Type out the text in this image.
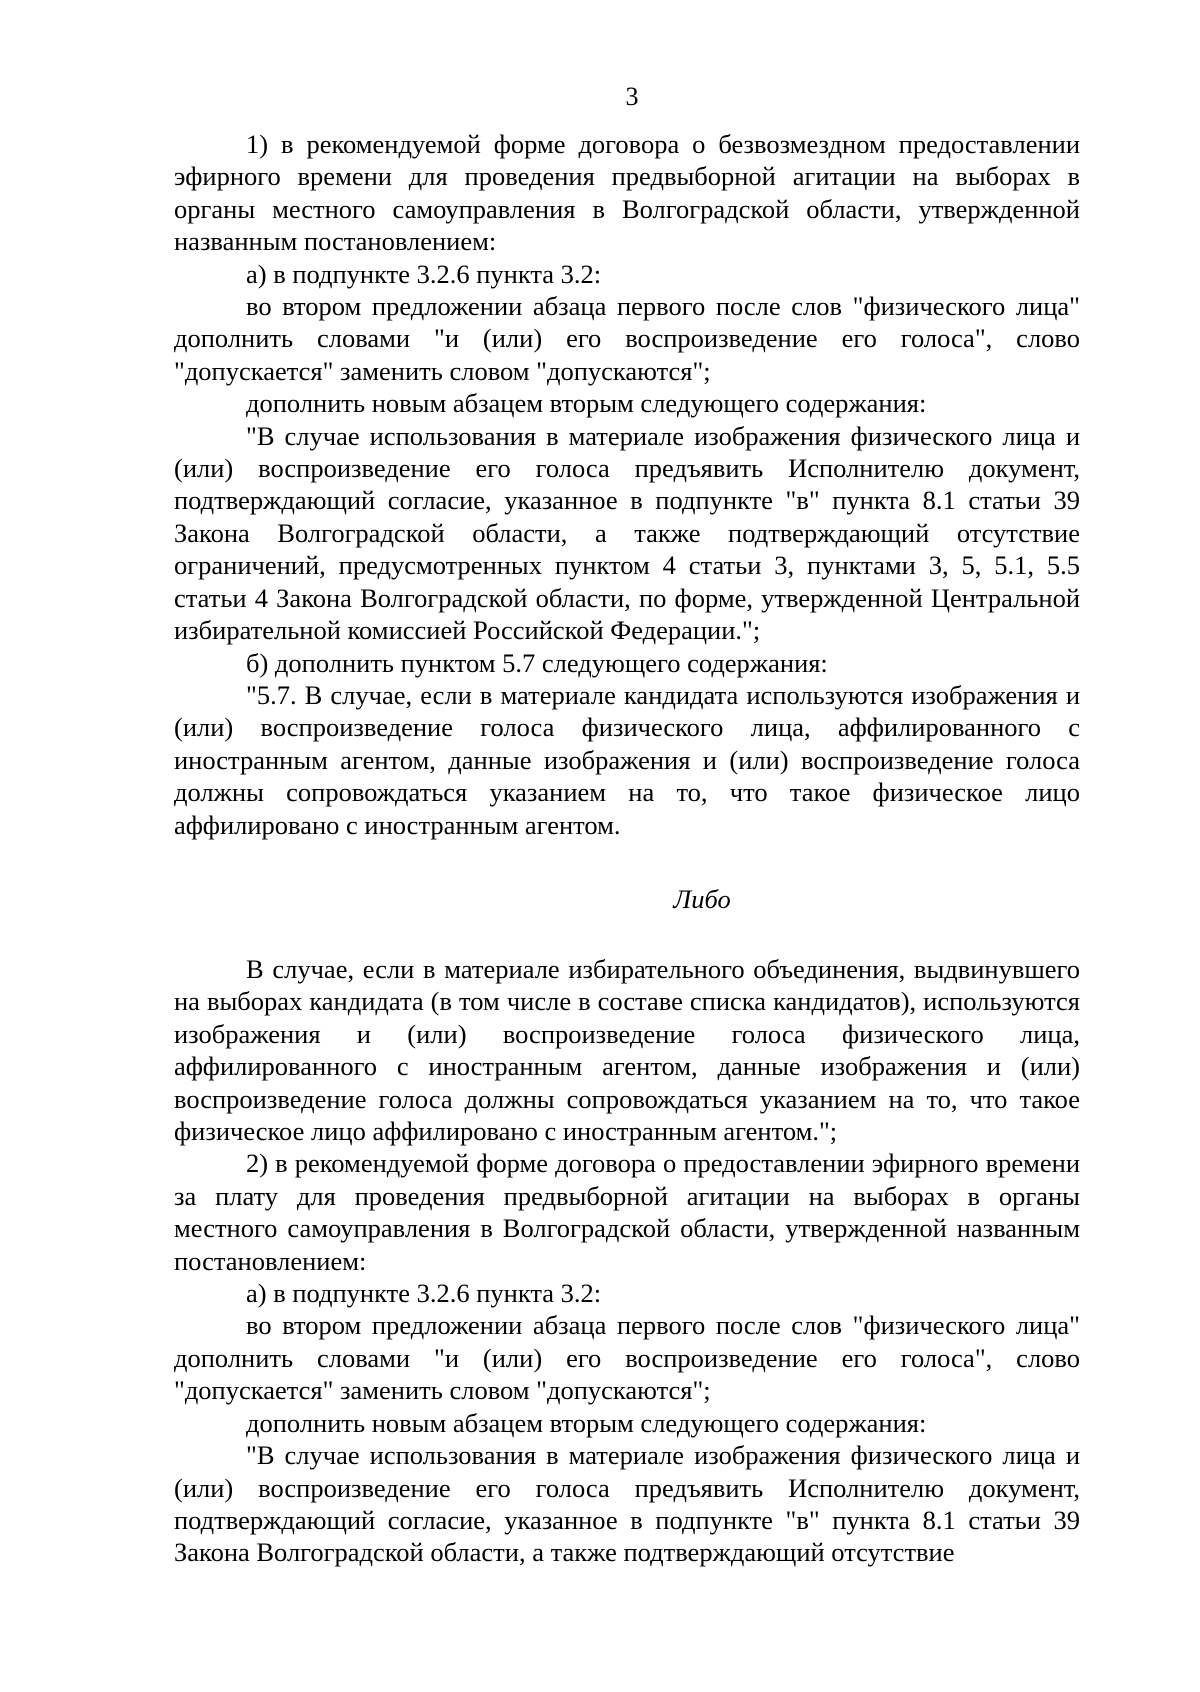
3

1) в рекомендуемой форме договора о безвозмездном предоставлении эфирного времени для проведения предвыборной агитации на выборах в органы местного самоуправления в Волгоградской области, утвержденной названным постановлением:

а) в подпункте 3.2.6 пункта 3.2:

во втором предложении абзаца первого после слов "физического лица" дополнить словами "и (или) его воспроизведение его голоса", слово "допускается" заменить словом "допускаются";

дополнить новым абзацем вторым следующего содержания:

"В случае использования в материале изображения физического лица и (или) воспроизведение его голоса предъявить Исполнителю документ, подтверждающий согласие, указанное в подпункте "в" пункта 8.1 статьи 39 Закона Волгоградской области, а также подтверждающий отсутствие ограничений, предусмотренных пунктом 4 статьи 3, пунктами 3, 5, 5.1, 5.5 статьи 4 Закона Волгоградской области, по форме, утвержденной Центральной избирательной комиссией Российской Федерации.";

б) дополнить пунктом 5.7 следующего содержания:

"5.7. В случае, если в материале кандидата используются изображения и (или) воспроизведение голоса физического лица, аффилированного с иностранным агентом, данные изображения и (или) воспроизведение голоса должны сопровождаться указанием на то, что такое физическое лицо аффилировано с иностранным агентом.

Либо

В случае, если в материале избирательного объединения, выдвинувшего на выборах кандидата (в том числе в составе списка кандидатов), используются изображения и (или) воспроизведение голоса физического лица, аффилированного с иностранным агентом, данные изображения и (или) воспроизведение голоса должны сопровождаться указанием на то, что такое физическое лицо аффилировано с иностранным агентом.";

2) в рекомендуемой форме договора о предоставлении эфирного времени за плату для проведения предвыборной агитации на выборах в органы местного самоуправления в Волгоградской области, утвержденной названным постановлением:

а) в подпункте 3.2.6 пункта 3.2:

во втором предложении абзаца первого после слов "физического лица" дополнить словами "и (или) его воспроизведение его голоса", слово "допускается" заменить словом "допускаются";

дополнить новым абзацем вторым следующего содержания:

"В случае использования в материале изображения физического лица и (или) воспроизведение его голоса предъявить Исполнителю документ, подтверждающий согласие, указанное в подпункте "в" пункта 8.1 статьи 39 Закона Волгоградской области, а также подтверждающий отсутствие
